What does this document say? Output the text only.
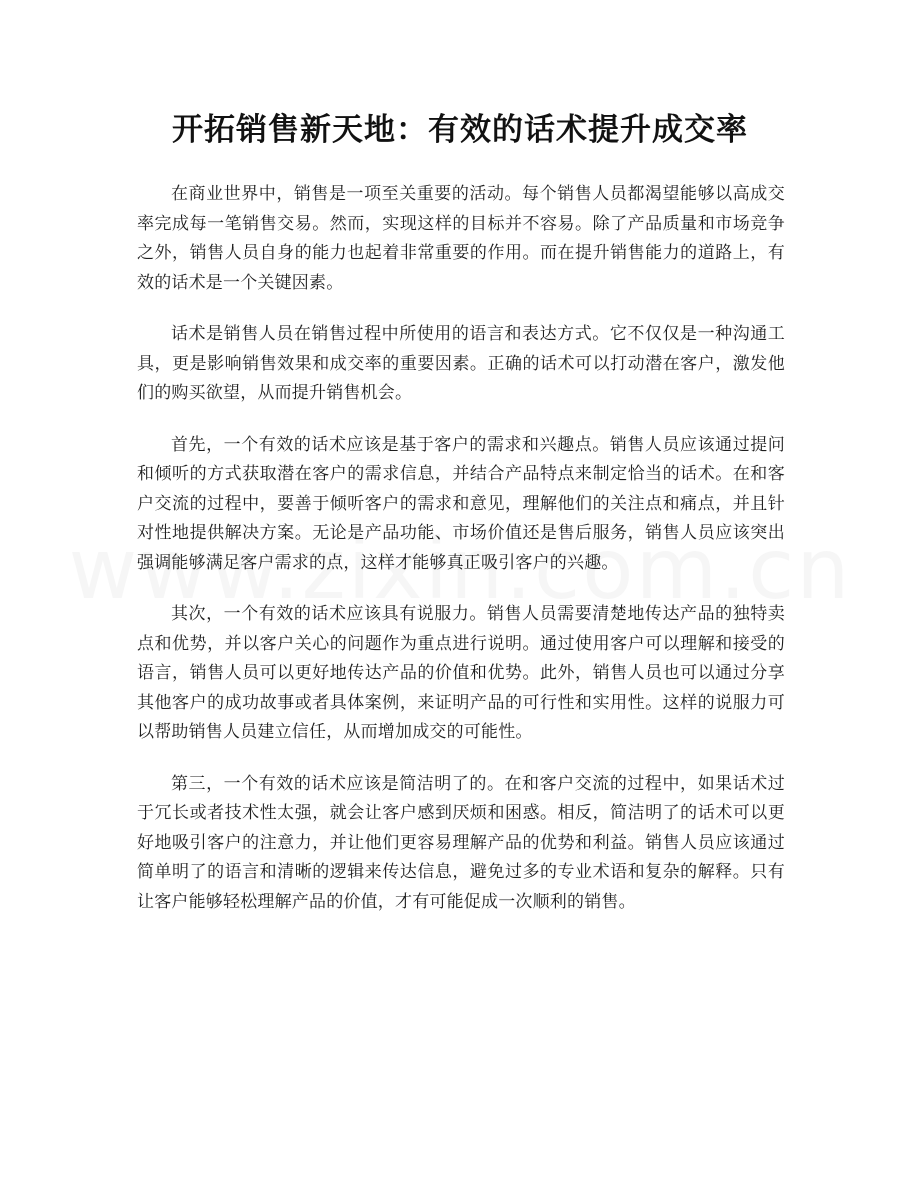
开拓销售新天地：有效的话术提升成交率

在商业世界中，销售是一项至关重要的活动。每个销售人员都渴望能够以高成交率完成每一笔销售交易。然而，实现这样的目标并不容易。除了产品质量和市场竞争之外，销售人员自身的能力也起着非常重要的作用。而在提升销售能力的道路上，有效的话术是一个关键因素。

话术是销售人员在销售过程中所使用的语言和表达方式。它不仅仅是一种沟通工具，更是影响销售效果和成交率的重要因素。正确的话术可以打动潜在客户，激发他们的购买欲望，从而提升销售机会。

首先，一个有效的话术应该是基于客户的需求和兴趣点。销售人员应该通过提问和倾听的方式获取潜在客户的需求信息，并结合产品特点来制定恰当的话术。在和客户交流的过程中，要善于倾听客户的需求和意见，理解他们的关注点和痛点，并且针对性地提供解决方案。无论是产品功能、市场价值还是售后服务，销售人员应该突出强调能够满足客户需求的点，这样才能够真正吸引客户的兴趣。

其次，一个有效的话术应该具有说服力。销售人员需要清楚地传达产品的独特卖点和优势，并以客户关心的问题作为重点进行说明。通过使用客户可以理解和接受的语言，销售人员可以更好地传达产品的价值和优势。此外，销售人员也可以通过分享其他客户的成功故事或者具体案例，来证明产品的可行性和实用性。这样的说服力可以帮助销售人员建立信任，从而增加成交的可能性。

第三，一个有效的话术应该是简洁明了的。在和客户交流的过程中，如果话术过于冗长或者技术性太强，就会让客户感到厌烦和困惑。相反，简洁明了的话术可以更好地吸引客户的注意力，并让他们更容易理解产品的优势和利益。销售人员应该通过简单明了的语言和清晰的逻辑来传达信息，避免过多的专业术语和复杂的解释。只有让客户能够轻松理解产品的价值，才有可能促成一次顺利的销售。
